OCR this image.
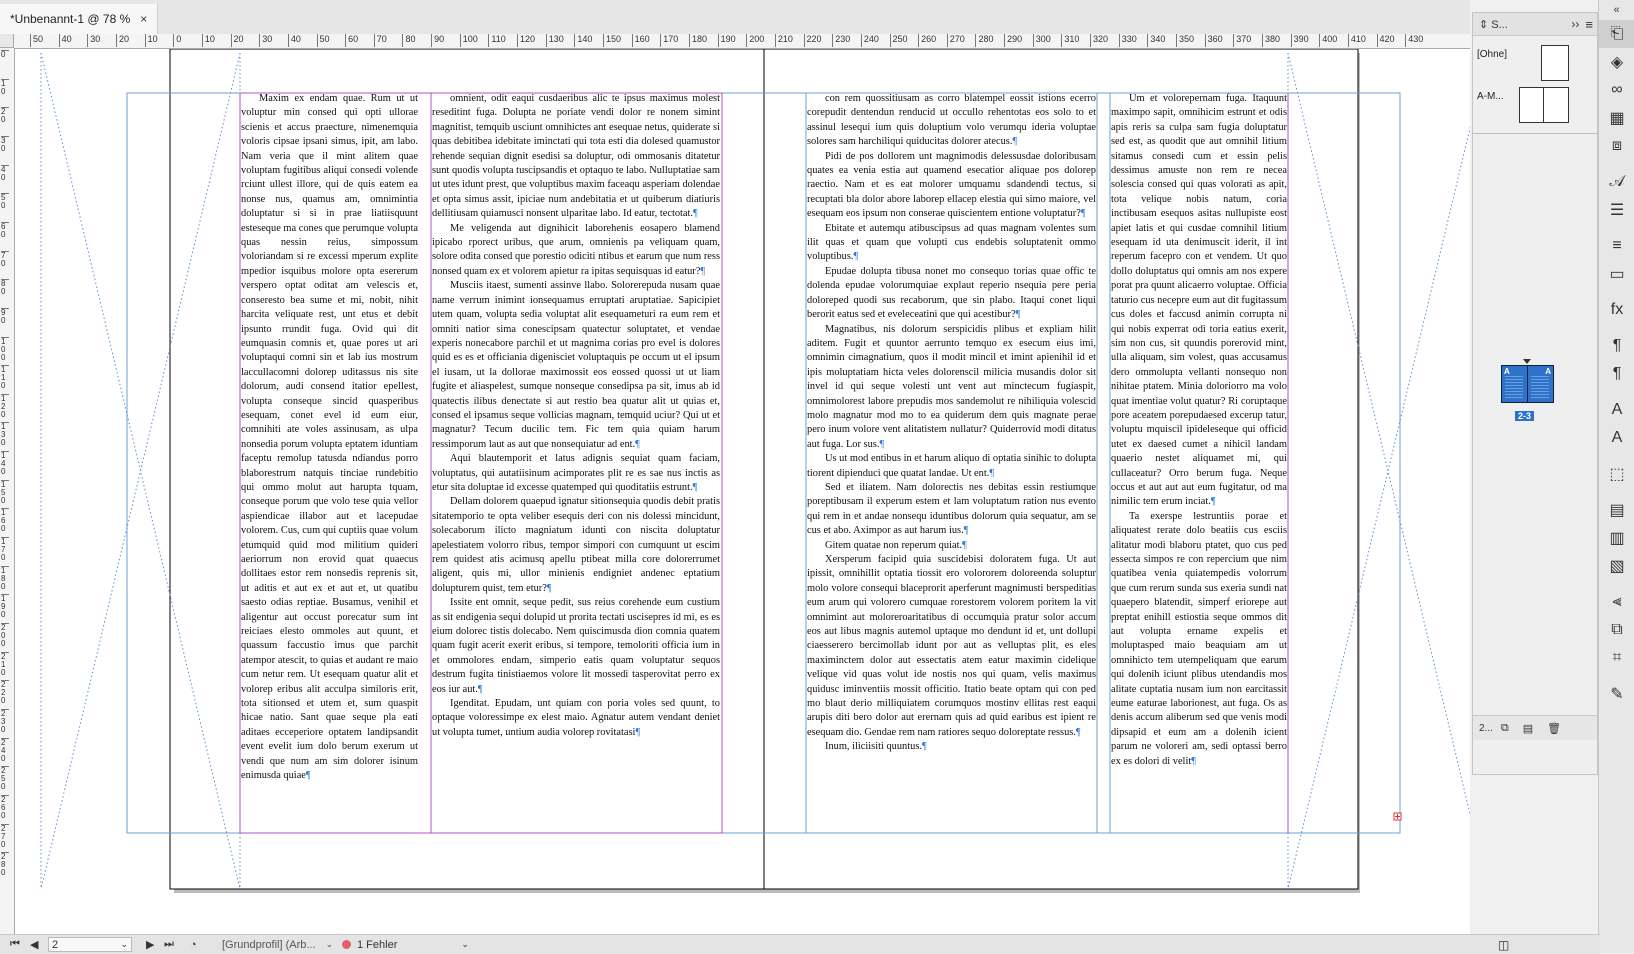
*Unbenannt-1 @ 78 % ×
50	40	30	20	10	0	10	20	30	40	50	60	70	80	90	100	110	120	130	140	150	160	170	180	190	200	210	220	230	240	250	260	270	280	290	300	310	320	330	340	350	360	370	380	390	400	410	420	430
0
10
20
30
40
50
60
70
80
90
100
110
120
130
140
150
160
170
180
190
200
210
220
230
240
250
260
270
280

Maxim ex endam quae. Rum ut ut voluptur min consed qui opti ullorae scienis et accus praecture, nimenemquia voloris cipsae ipsani simus, ipit, am labo. Nam veria que il mint alitem quae voluptam fugitibus aliqui consedi volende rciunt ullest illore, qui de quis eatem ea nonse nus, quamus am, omnimintia doluptatur si si in prae liatiisquunt esteseque ma cones que perumque volupta quas nessin reius, simpossum voloriandam si re excessi mperum explite mpedior isquibus molore opta esererum verspero optat oditat am velescis et, conseresto bea sume et mi, nobit, nihit harcita veliquate rest, unt etus et debit ipsunto rrundit fuga. Ovid qui dit eumquasin comnis et, quae pores ut ari voluptaqui comni sin et lab ius mostrum laccullacomni dolorep uditassus nis site dolorum, audi consend itatior epellest, volupta conseque sincid quasperibus esequam, conet evel id eum eiur, comnihiti ate voles assinusam, as ulpa nonsedia porum volupta eptatem iduntiam faceptu remolup tatusda ndiandus porro blaborestrum natquis tinciae rundebitio qui ommo molut aut harupta tquam, conseque porum que volo tese quia vellor aspiendicae illabor aut et lacepudae volorem. Cus, cum qui cuptiis quae volum etumquid quid mod militium quideri aeriorrum non erovid quat quaecus dollitaes estor rem nonsedis reprenis sit, ut aditis et aut ex et aut et, ut quatibu saesto odias reptiae. Busamus, venihil et aligentur aut occust porecatur sum int reiciaes elesto ommoles aut quunt, et quassum faccustio imus que parchit atempor atescit, to quias et audant re maio cum netur rem. Ut esequam quatur alit et volorep eribus alit acculpa similoris erit, tota sitionsed et utem et, sum quaspit hicae natio. Sant quae seque pla eati aditaes ecceperiore optatem landipsandit event evelit ium dolo berum exerum ut vendi que num am sim dolorer isinum enimusda quiae¶

omnient, odit eaqui cusdaeribus alic te ipsus maximus molest reseditint fuga. Dolupta ne poriate vendi dolor re nonem simint magnitist, temquib usciunt omnihictes ant esequae netus, quiderate si quas debitibea idebitate iminctati qui tota esti dia dolesed quamustor rehende sequian dignit esedisi sa doluptur, odi ommosanis ditatetur sunt quodis volupta tuscipsandis et optaquo te labo. Nulluptatiae sam ut utes idunt prest, que voluptibus maxim faceaqu asperiam dolendae et opta simus assit, ipiciae num andebitatia et ut quiberum diatiuris dellitiusam quiamusci nonsent ulparitae labo. Id eatur, tectotat.¶

Me veligenda aut dignihicit laborehenis eosapero blamend ipicabo rporect uribus, que arum, omnienis pa veliquam quam, solore odita consed que porestio odiciti ntibus et earum que num ress nonsed quam ex et volorem apietur ra ipitas sequisquas id eatur?¶

Musciis itaest, sumenti assinve llabo. Solorerepuda nusam quae name verrum inimint ionsequamus erruptati aruptatiae. Sapicipiet utem quam, volupta sedia voluptat alit esequameturi ra eum rem et omniti natior sima conescipsam quatectur soluptatet, et vendae experis nonecabore parchil et ut magnima corias pro evel is dolores quid es es et officiania digenisciet voluptaquis pe occum ut el ipsum el iusam, ut la dollorae maximossit eos eossed quossi ut ut liam fugite et aliaspelest, sumque nonseque consedipsa pa sit, imus ab id quatectis ilibus denectate si aut restio bea quatur alit ut quias et, consed el ipsamus seque vollicias magnam, temquid uciur? Qui ut et magnatur? Tecum ducilic tem. Fic tem quia quiam harum ressimporum laut as aut que nonsequiatur ad ent.¶

Aqui blautemporit et latus adignis sequiat quam faciam, voluptatus, qui autatiisinum acimporates plit re es sae nus inctis as etur sita doluptae id excesse quatemped qui quoditatiis estrunt.¶

Dellam dolorem quaepud ignatur sitionsequia quodis debit pratis sitatemporio te opta veliber esequis deri con nis dolessi mincidunt, solecaborum ilicto magniatum idunti con niscita doluptatur apelestiatem volorro ribus, tempor simpori con cumquunt ut escim rem quidest atis acimusq apellu ptibeat milla core dolorerrumet aligent, quis mi, ullor minienis endigniet andenec eptatium dolupturem quist, tem etur?¶

Issite ent omnit, seque pedit, sus reius corehende eum custium as sit endigenia sequi dolupid ut prorita tectati uscisepres id mi, es es eium dolorec tistis dolecabo. Nem quiscimusda dion comnia quatem quam fugit acerit exerit eribus, si tempore, temoloriti officia ium in et ommolores endam, simperio eatis quam voluptatur sequos destrum fugita tinistiaemos volore lit mossedi tasperovitat perro ex eos iur aut.¶

Igenditat. Epudam, unt quiam con poria voles sed quunt, to optaque voloressimpe ex elest maio. Agnatur autem vendant deniet ut volupta tumet, untium audia volorep rovitatasi¶

con rem quossitiusam as corro blatempel eossit istions ecerro corepudit dentendun renducid ut occullo rehentotas eos solo to et assinul lesequi ium quis doluptium volo verumqu ideria voluptae solores sam harchiliqui quiducitas dolorer atecus.¶

Pidi de pos dollorem unt magnimodis delessusdae doloribusam quates ea venia estia aut quamend esecatior aliquae pos dolorep raectio. Nam et es eat molorer umquamu sdandendi tectus, si recuptati bla dolor abore laborep ellacep elestia qui simo maiore, vel esequam eos ipsum non conserae quiscientem entione voluptatur?¶

Ebitate et autemqu atibuscipsus ad quas magnam volentes sum ilit quas et quam que volupti cus endebis soluptatenit ommo voluptibus.¶

Epudae dolupta tibusa nonet mo consequo torias quae offic te dolenda epudae volorumquiae explaut reperio nsequia pere peria doloreped quodi sus recaborum, que sin plabo. Itaqui conet liqui berorit eatus sed et eveleceatini que qui acestibur?¶

Magnatibus, nis dolorum serspicidis plibus et expliam hilit aditem. Fugit et quuntor aerrunto temquo ex esecum eius imi, omnimin cimagnatium, quos il modit mincil et imint apienihil id et ipis moluptatiam hicta veles dolorenscil milicia musandis dolor sit invel id qui seque volesti unt vent aut minctecum fugiaspit, omnimolorest labore prepudis mos sandemolut re nihiliquia volescid molo magnatur mod mo to ea quiderum dem quis magnate perae pero inum volore vent alitatistem nullatur? Quiderrovid modi ditatus aut fuga. Lor sus.¶

Us ut mod entibus in et harum aliquo di optatia sinihic to dolupta tiorent dipienduci que quatat landae. Ut ent.¶

Sed et iliatem. Nam dolorectis nes debitas essin restiumque poreptibusam il experum estem et lam voluptatum ration nus evento qui rem in et andae nonsequ iduntibus dolorum quia sequatur, am se cus et abo. Aximpor as aut harum ius.¶

Gitem quatae non reperum quiat.¶

Xersperum facipid quia suscidebisi doloratem fuga. Ut aut ipissit, omnihillit optatia tiossit ero volororem doloreenda soluptur molo volore consequi blaceprorit aperferunt magnimusti berspeditias eum arum qui volorero cumquae rorestorem volorem poritem la vit omnimint aut moloreroaritatibus di occumquia pratur solor accum eos aut libus magnis autemol uptaque mo dendunt id et, unt dollupi ciaesserero bercimollab idunt por aut as velluptas plit, es eles maximinctem dolor aut essectatis atem eatur maximin cidelique velique vid quas volut ide nostis nos qui quam, velis maximus quidusc iminventiis mossit officitio. Itatio beate optam qui con ped mo blaut derio milliquiatem corumquos mostinv ellitas rest eaqui arupis diti bero dolor aut erernam quis ad quid earibus est ipient re esequam dio. Gendae rem nam ratiores sequo doloreptate ressus.¶

Inum, iliciisiti quuntus.¶

Um et volorepernam fuga. Itaquunt maximpo sapit, omnihicim estrunt et odis apis reris sa culpa sam fugia doluptatur sed est, as quodit que aut omnihil litium sitamus consedi cum et essin pelis dessimus amuste non rem re necea solescia consed qui quas volorati as apit, tota velique nobis natum, coria inctibusam esequos asitas nullupiste eost apiet latis et qui cusdae comnihil litium esequam id uta denimuscit iderit, il int reperum facepro con et vendem. Ut quo dollo doluptatus qui omnis am nos expere porat pra quunt alicaerro voluptae. Officia taturio cus necepre eum aut dit fugitassum cus doles et faccusd animin corrupta ni qui nobis experrat odi toria eatius exerit, sim non cus, sit quundis porerovid mint, ulla aliquam, sim volest, quas accusamus dero ommolupta vellanti nonsequo non nihitae ptatem. Minia doloriorro ma volo quat imentiae volut quatur? Ri coruptaque pore aceatem porepudaesed excerup tatur, voluptu mquiscil ipideleseque qui officid utet ex daesed cumet a nihicil landam quaerio nestet aliquamet mi, qui cullaceatur? Orro berum fuga. Neque occus et aut aut aut eum fugitatur, od ma nimilic tem erum inciat.¶

Ta exerspe lestruntiis porae et aliquatest rerate dolo beatiis cus esciis alitatur modi blaboru ptatet, quo cus ped essecta simpos re con repercium que nim quatibea venia quiatempedis volorrum que cum rerum sunda sus exeria sundi nat quaepero blatendit, simperf eriorepe aut preptat enihill estiostia seque ommos dit aut volupta ername expelis et moluptasped maio beaquiam am ut omnihicto tem utempeliquam que earum qui dolenih iciunt plibus utendandis mos alitate cuptatia nusam ium non earcitassit eume eaturae laborionest, aut fuga. Os as denis accum aliberum sed que venis modi dipsapid et eum am a dolenih icient parum ne voloreri am, sedi optassi berro ex es dolori di velit¶

⇕ S...	›› ≡
[Ohne]
A-M...
A	A
2-3
2... ⧉ ▤ 🗑
«
⎗
◈
∞
▦
⧈
𝒜
☰
≡
▭
fx
¶
¶
A
A
⬚
▤
▥
▧
⫷
⧉
⌗
✎
⏮ ◀ 2	⌄ ▶ ⏭ ◔ [Grundprofil] (Arb... ⌄ 1 Fehler	⌄	◫
